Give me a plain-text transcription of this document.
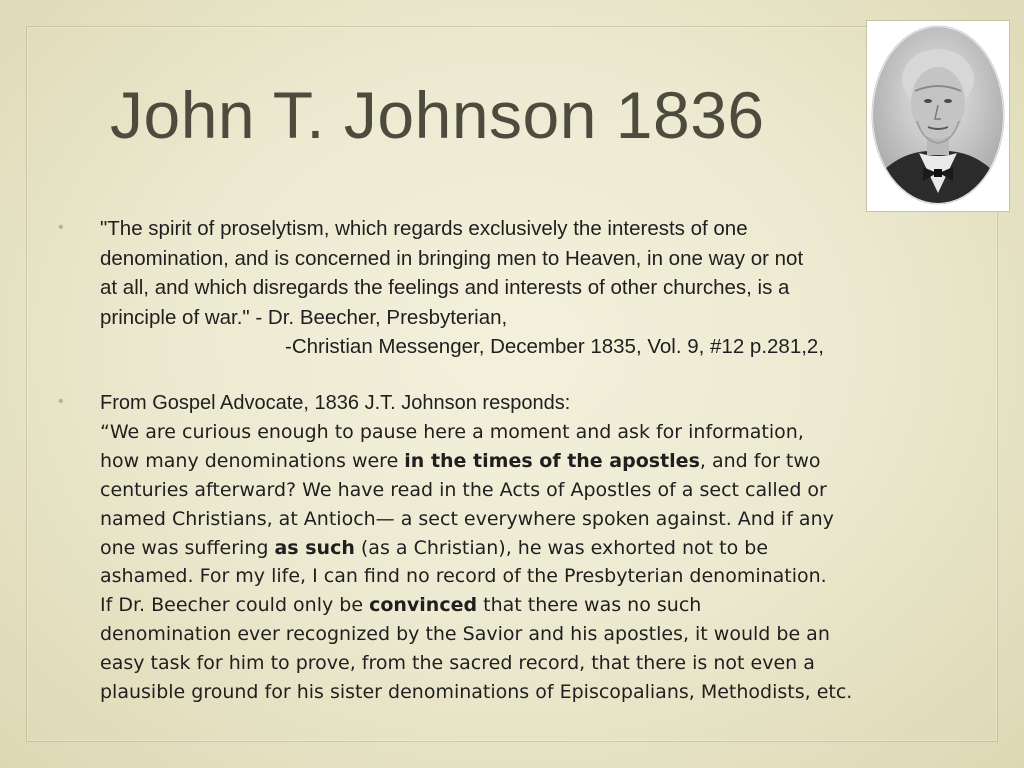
John T. Johnson 1836
• "The spirit of proselytism, which regards exclusively the interests of one
denomination, and is concerned in bringing men to Heaven, in one way or not
at all, and which disregards the feelings and interests of other churches, is a
principle of war." - Dr. Beecher, Presbyterian,
-Christian Messenger, December 1835, Vol. 9, #12 p.281,2,
• From Gospel Advocate, 1836 J.T. Johnson responds:
“We are curious enough to pause here a moment and ask for information,
how many denominations were in the times of the apostles, and for two
centuries afterward? We have read in the Acts of Apostles of a sect called or
named Christians, at Antioch— a sect everywhere spoken against. And if any
one was suffering as such (as a Christian), he was exhorted not to be
ashamed. For my life, I can find no record of the Presbyterian denomination.
If Dr. Beecher could only be convinced that there was no such
denomination ever recognized by the Savior and his apostles, it would be an
easy task for him to prove, from the sacred record, that there is not even a
plausible ground for his sister denominations of Episcopalians, Methodists, etc.
